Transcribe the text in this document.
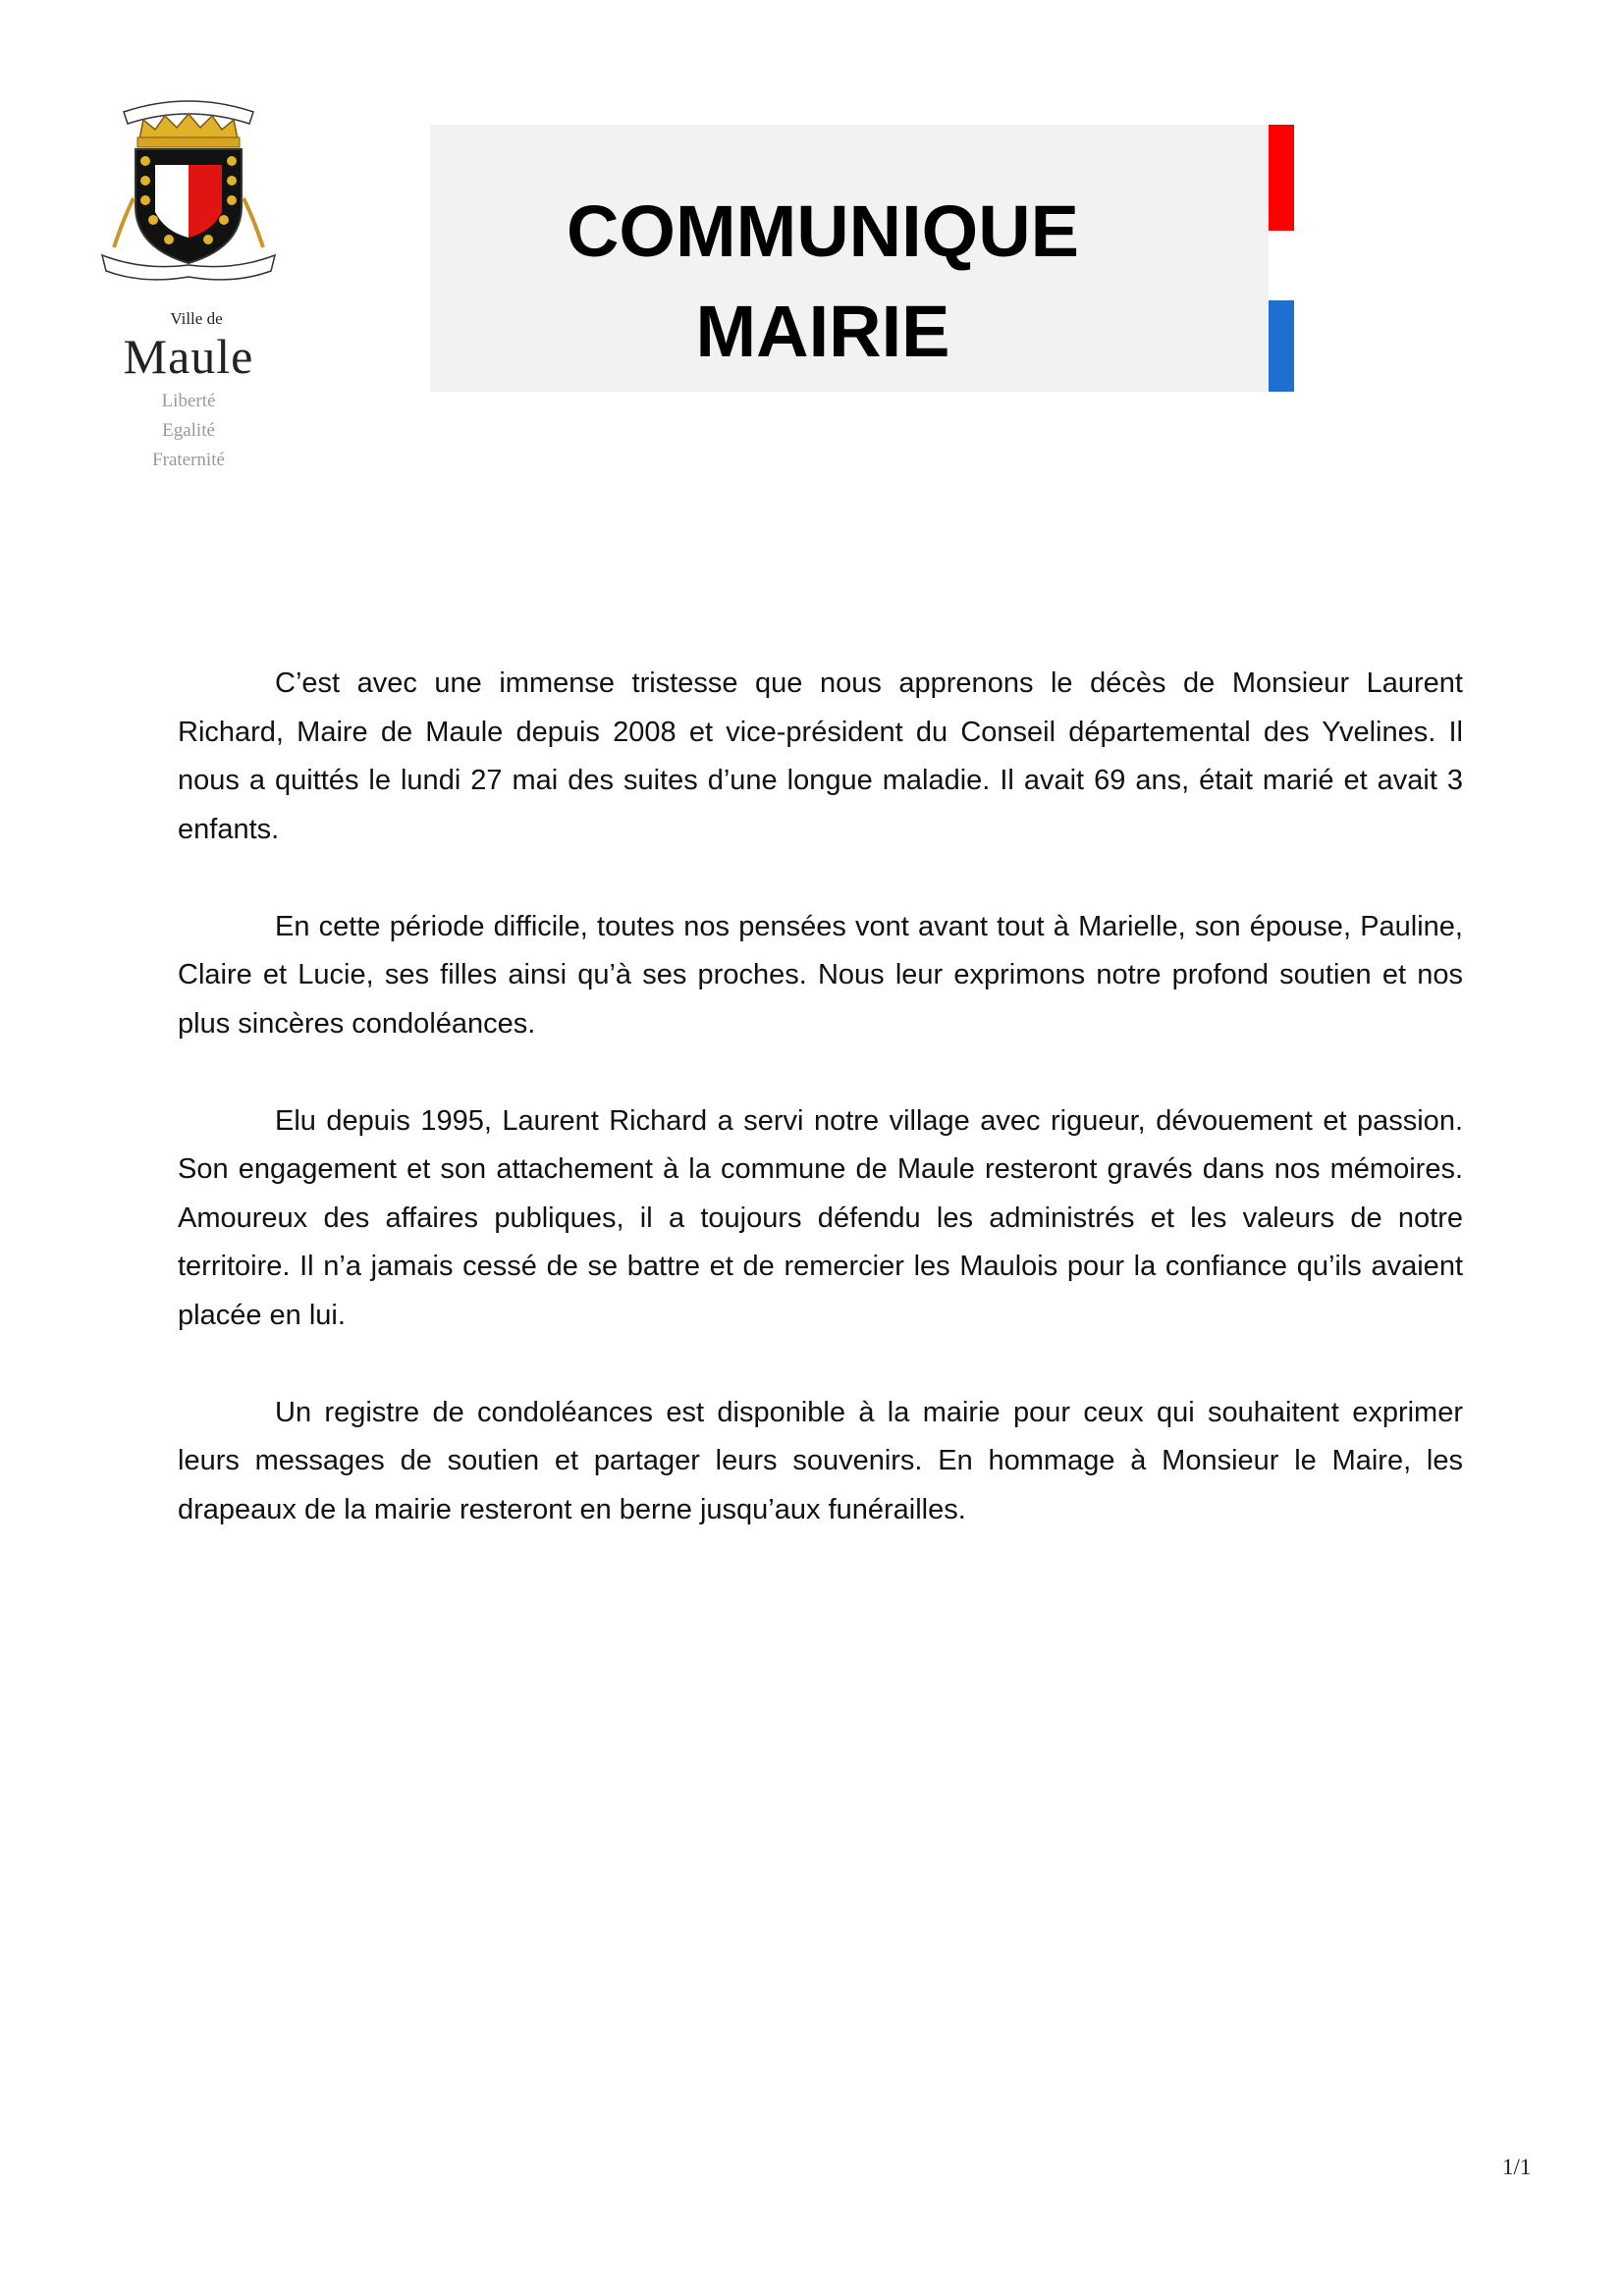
Ville de
Maule
Liberté
Egalité
Fraternité
COMMUNIQUE
MAIRIE

C’est avec une immense tristesse que nous apprenons le décès de Monsieur Laurent Richard, Maire de Maule depuis 2008 et vice-président du Conseil départemental des Yvelines. Il nous a quittés le lundi 27 mai des suites d’une longue maladie. Il avait 69 ans, était marié et avait 3 enfants.

En cette période difficile, toutes nos pensées vont avant tout à Marielle, son épouse, Pauline, Claire et Lucie, ses filles ainsi qu’à ses proches. Nous leur exprimons notre profond soutien et nos plus sincères condoléances.

Elu depuis 1995, Laurent Richard a servi notre village avec rigueur, dévouement et passion. Son engagement et son attachement à la commune de Maule resteront gravés dans nos mémoires. Amoureux des affaires publiques, il a toujours défendu les administrés et les valeurs de notre territoire. Il n’a jamais cessé de se battre et de remercier les Maulois pour la confiance qu’ils avaient placée en lui.

Un registre de condoléances est disponible à la mairie pour ceux qui souhaitent exprimer leurs messages de soutien et partager leurs souvenirs. En hommage à Monsieur le Maire, les drapeaux de la mairie resteront en berne jusqu’aux funérailles.

1/1
